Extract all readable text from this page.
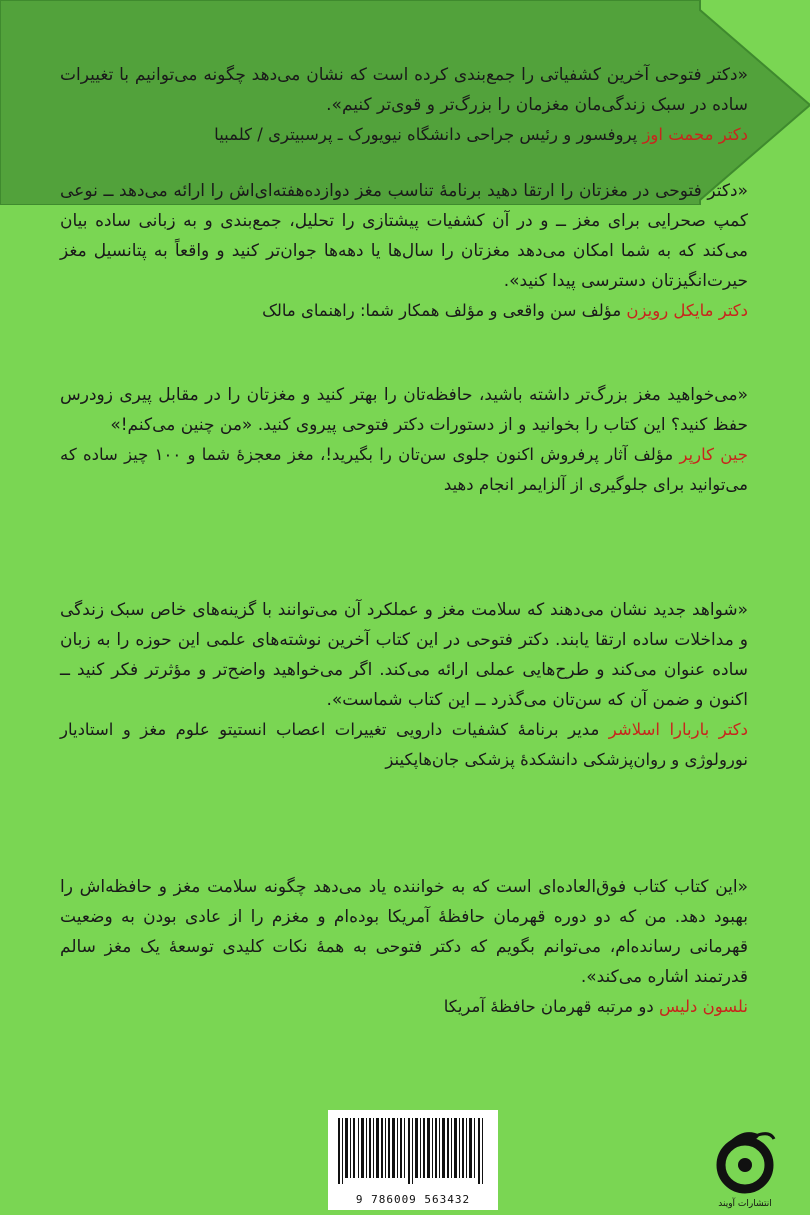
«دکتر فتوحی آخرین کشفیاتی را جمع‌بندی کرده است که نشان می‌دهد چگونه می‌توانیم با تغییرات ساده در سبک زندگی‌مان مغزمان را بزرگ‌تر و قوی‌تر کنیم».

دکتر محمت اوز پروفسور و رئیس جراحی دانشگاه نیویورک ـ پرسبیتری / کلمبیا

«دکتر فتوحی در مغزتان را ارتقا دهید برنامهٔ تناسب مغز دوازده‌هفته‌ای‌اش را ارائه می‌دهد ــ نوعی کمپ صحرایی برای مغز ــ و در آن کشفیات پیشتازی را تحلیل، جمع‌بندی و به زبانی ساده بیان می‌کند که به شما امکان می‌دهد مغزتان را سال‌ها یا دهه‌ها جوان‌تر کنید و واقعاً به پتانسیل مغز حیرت‌انگیزتان دسترسی پیدا کنید».

دکتر مایکل رویزن مؤلف سن واقعی و مؤلف همکار شما: راهنمای مالک

«می‌خواهید مغز بزرگ‌تر داشته باشید، حافظه‌تان را بهتر کنید و مغزتان را در مقابل پیری زودرس حفظ کنید؟ این کتاب را بخوانید و از دستورات دکتر فتوحی پیروی کنید. «من چنین می‌کنم!»

جین کارپر مؤلف آثار پرفروش اکنون جلوی سن‌تان را بگیرید!، مغز معجزهٔ شما و ۱۰۰ چیز ساده که می‌توانید برای جلوگیری از آلزایمر انجام دهید

«شواهد جدید نشان می‌دهند که سلامت مغز و عملکرد آن می‌توانند با گزینه‌های خاص سبک زندگی و مداخلات ساده ارتقا یابند. دکتر فتوحی در این کتاب آخرین نوشته‌های علمی این حوزه را به زبان ساده عنوان می‌کند و طرح‌هایی عملی ارائه می‌کند. اگر می‌خواهید واضح‌تر و مؤثرتر فکر کنید ــ اکنون و ضمن آن که سن‌تان می‌گذرد ــ این کتاب شماست».

دکتر باربارا اسلاشر مدیر برنامهٔ کشفیات دارویی تغییرات اعصاب انستیتو علوم مغز و استادیار نورولوژی و روان‌پزشکی دانشکدهٔ پزشکی جان‌هاپکینز

«این کتاب کتاب فوق‌العاده‌ای است که به خواننده یاد می‌دهد چگونه سلامت مغز و حافظه‌اش را بهبود دهد. من که دو دوره قهرمان حافظهٔ آمریکا بوده‌ام و مغزم را از عادی بودن به وضعیت قهرمانی رسانده‌ام، می‌توانم بگویم که دکتر فتوحی به همهٔ نکات کلیدی توسعهٔ یک مغز سالم قدرتمند اشاره می‌کند».

نلسون دلیس دو مرتبه قهرمان حافظهٔ آمریکا

9 786009 563432	انتشارات آویند
